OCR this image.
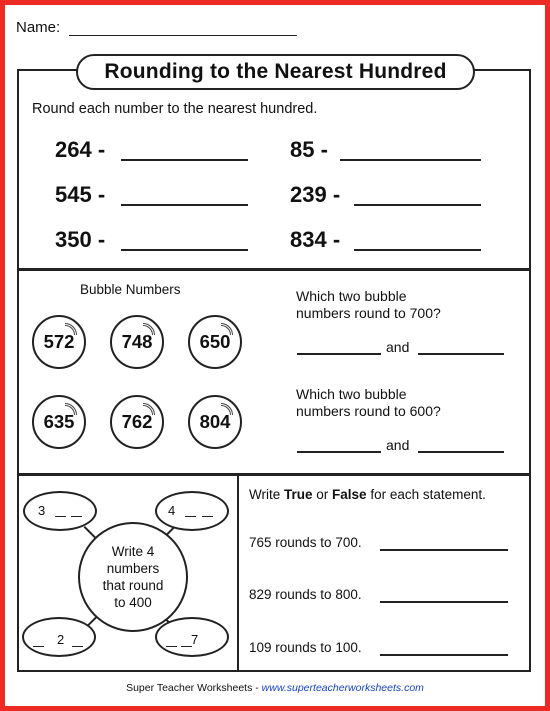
Name:
Rounding to the Nearest Hundred
Round each number to the nearest hundred.
264 -	85 -
545 -	239 -
350 -	834 -
Bubble Numbers
572	748	650
635	762	804
Which two bubble
numbers round to 700?
and
Which two bubble
numbers round to 600?
and
Write 4
numbers
that round
to 400
3	4
2	7
Write True or False for each statement.
765 rounds to 700.
829 rounds to 800.
109 rounds to 100.
Super Teacher Worksheets - www.superteacherworksheets.com
